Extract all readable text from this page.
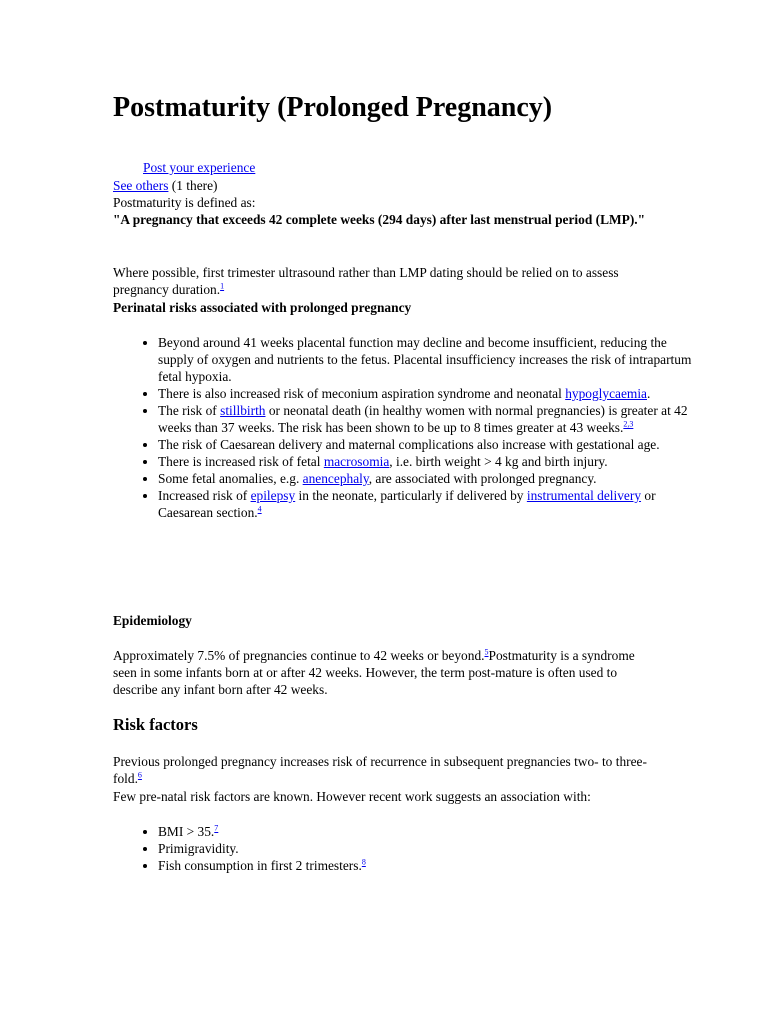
Postmaturity (Prolonged Pregnancy)
Post your experience
See others (1 there)
Postmaturity is defined as:
"A pregnancy that exceeds 42 complete weeks (294 days) after last menstrual period (LMP)."
Where possible, first trimester ultrasound rather than LMP dating should be relied on to assess pregnancy duration.$^1$
Perinatal risks associated with prolonged pregnancy
• Beyond around 41 weeks placental function may decline and become insufficient, reducing the supply of oxygen and nutrients to the fetus. Placental insufficiency increases the risk of intrapartum fetal hypoxia.
• There is also increased risk of meconium aspiration syndrome and neonatal hypoglycaemia.
• The risk of stillbirth or neonatal death (in healthy women with normal pregnancies) is greater at 42 weeks than 37 weeks. The risk has been shown to be up to 8 times greater at 43 weeks.$^{2,3}$
• The risk of Caesarean delivery and maternal complications also increase with gestational age.
• There is increased risk of fetal macrosomia, i.e. birth weight > 4 kg and birth injury.
• Some fetal anomalies, e.g. anencephaly, are associated with prolonged pregnancy.
• Increased risk of epilepsy in the neonate, particularly if delivered by instrumental delivery or Caesarean section.$^4$
Epidemiology
Approximately 7.5% of pregnancies continue to 42 weeks or beyond.$^5$Postmaturity is a syndrome seen in some infants born at or after 42 weeks. However, the term post-mature is often used to describe any infant born after 42 weeks.
Risk factors
Previous prolonged pregnancy increases risk of recurrence in subsequent pregnancies two- to three-fold.$^6$
Few pre-natal risk factors are known. However recent work suggests an association with:
• BMI > 35.$^7$
• Primigravidity.
• Fish consumption in first 2 trimesters.$^8$
